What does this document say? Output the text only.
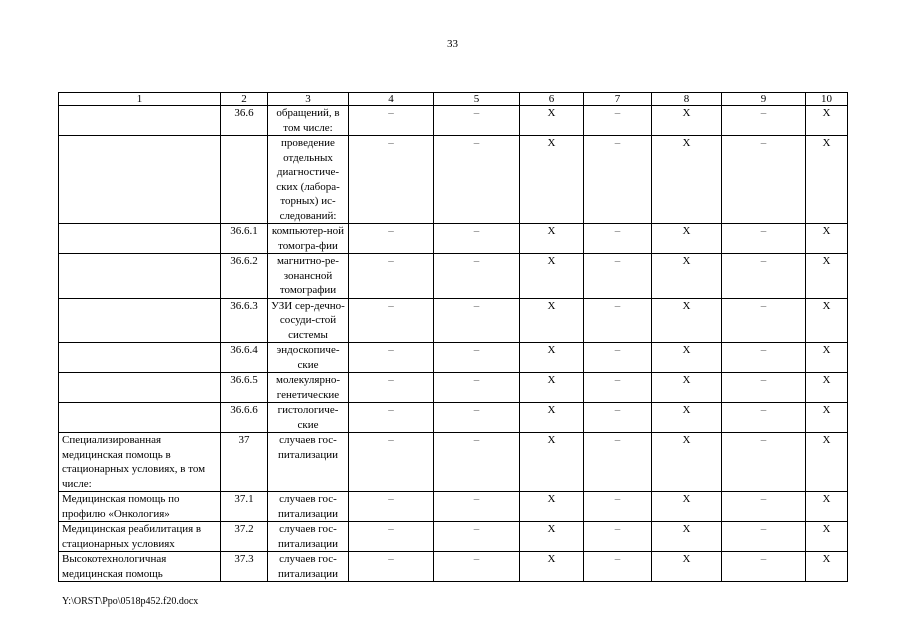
33
1	2	3	4	5	6	7	8	9	10
	36.6	обращений, в том числе:	–	–	X	–	X	–	X
		проведение отдельных диагностиче-ских (лабора-торных) ис-следований:	–	–	X	–	X	–	X
	36.6.1	компьютер-ной томогра-фии	–	–	X	–	X	–	X
	36.6.2	магнитно-ре-зонансной томографии	–	–	X	–	X	–	X
	36.6.3	УЗИ сер-дечно-сосуди-стой системы	–	–	X	–	X	–	X
	36.6.4	эндоскопиче-ские	–	–	X	–	X	–	X
	36.6.5	молекулярно-генетические	–	–	X	–	X	–	X
	36.6.6	гистологиче-ские	–	–	X	–	X	–	X
Специализированная медицинская помощь в стационарных условиях, в том числе:	37	случаев гос-питализации	–	–	X	–	X	–	X
Медицинская помощь по профилю «Онкология»	37.1	случаев гос-питализации	–	–	X	–	X	–	X
Медицинская реабилитация в стационарных условиях	37.2	случаев гос-питализации	–	–	X	–	X	–	X
Высокотехнологичная медицинская помощь	37.3	случаев гос-питализации	–	–	X	–	X	–	X
Y:\ORST\Ppo\0518p452.f20.docx
